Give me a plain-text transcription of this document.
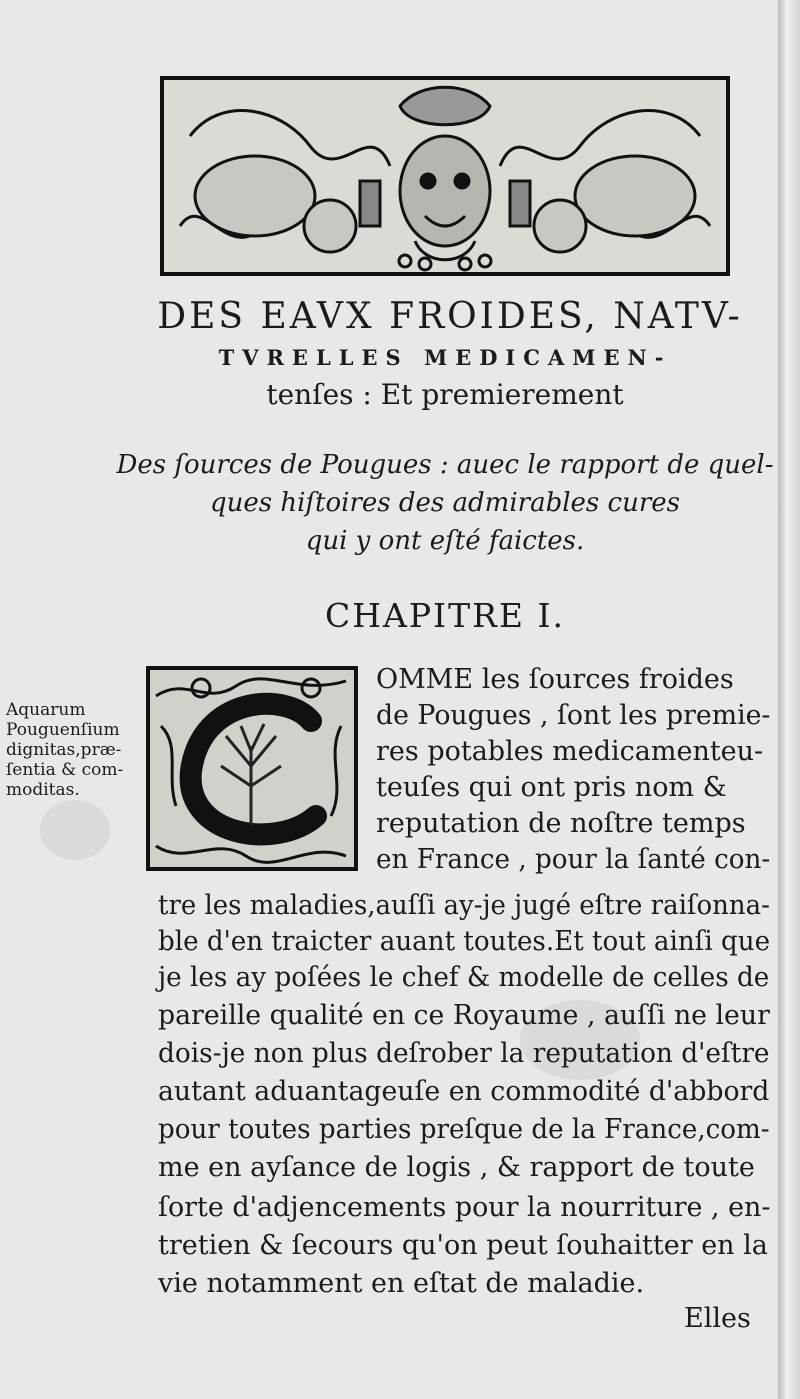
DES EAVX FROIDES, NATV-
TVRELLES MEDICAMEN-
tenſes : Et premierement
Des ſources de Pougues : auec le rapport de quel-
ques hiſtoires des admirables cures
qui y ont eſté faictes.
CHAPITRE I.
Aquarum
Pouguenſium
dignitas,præ-
ſentia & com-
moditas.
OMME les ſources froides
de Pougues , ſont les premie-
res potables medicamenteu-
teuſes qui ont pris nom &
reputation de noſtre temps
en France , pour la ſanté con-
tre les maladies,auſſi ay-je jugé eſtre raiſonna-
ble d'en traicter auant toutes.Et tout ainſi que
je les ay poſées le chef & modelle de celles de
pareille qualité en ce Royaume , auſſi ne leur
dois-je non plus deſrober la reputation d'eſtre
autant aduantageuſe en commodité d'abbord
pour toutes parties preſque de la France,com-
me en ayſance de logis , & rapport de toute
ſorte d'adjencements pour la nourriture , en-
tretien & ſecours qu'on peut ſouhaitter en la
vie notamment en eſtat de maladie.
Elles
